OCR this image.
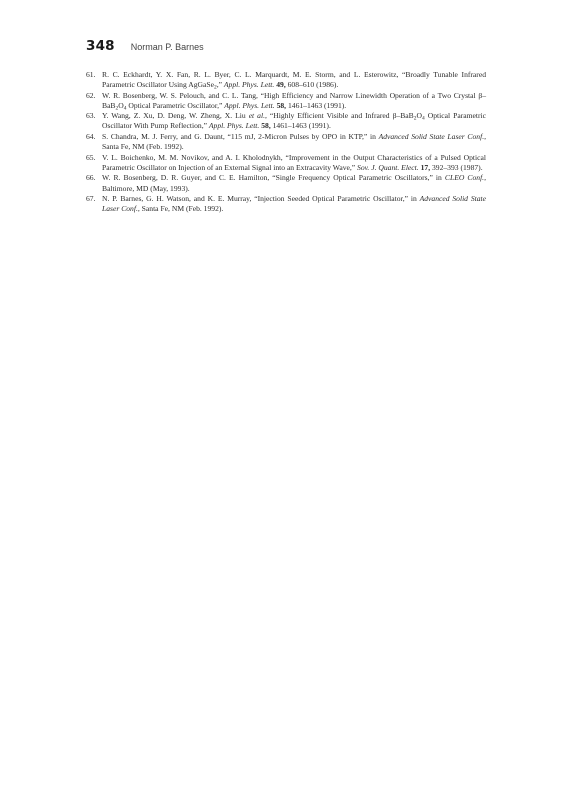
348 Norman P. Barnes
61. R. C. Eckhardt, Y. X. Fan, R. L. Byer, C. L. Marquardt, M. E. Storm, and L. Esterowitz, “Broadly Tunable Infrared Parametric Oscillator Using AgGaSe$_2$,” Appl. Phys. Lett. 49, 608–610 (1986).
62. W. R. Bosenberg, W. S. Pelouch, and C. L. Tang, “High Efficiency and Narrow Linewidth Operation of a Two Crystal $\beta-BaB_2O_4$ Optical Parametric Oscillator,” Appl. Phys. Lett. 58, 1461–1463 (1991).
63. Y. Wang, Z. Xu, D. Deng, W. Zheng, X. Liu et al., “Highly Efficient Visible and Infrared $\beta-BaB_2O_4$ Optical Parametric Oscillator With Pump Reflection,” Appl. Phys. Lett. 58, 1461–1463 (1991).
64. S. Chandra, M. J. Ferry, and G. Daunt, “115 mJ, 2-Micron Pulses by OPO in KTP,” in Advanced Solid State Laser Conf., Santa Fe, NM (Feb. 1992).
65. V. L. Boichenko, M. M. Novikov, and A. I. Kholodnykh, “Improvement in the Output Characteristics of a Pulsed Optical Parametric Oscillator on Injection of an External Signal into an Extracavity Wave,” Sov. J. Quant. Elect. 17, 392–393 (1987).
66. W. R. Bosenberg, D. R. Guyer, and C. E. Hamilton, “Single Frequency Optical Parametric Oscillators,” in CLEO Conf., Baltimore, MD (May, 1993).
67. N. P. Barnes, G. H. Watson, and K. E. Murray, “Injection Seeded Optical Parametric Oscillator,” in Advanced Solid State Laser Conf., Santa Fe, NM (Feb. 1992).
